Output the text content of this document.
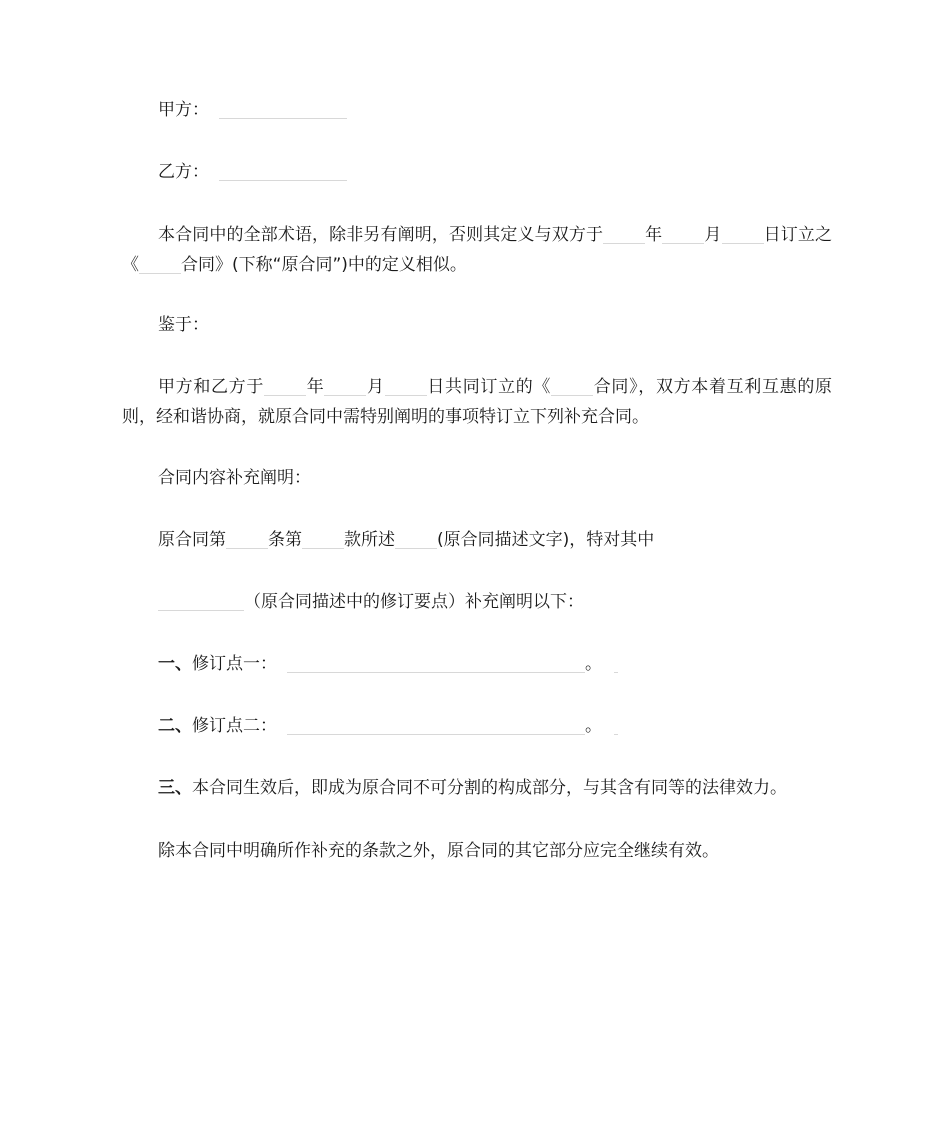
甲方：
乙方：
本合同中的全部术语，除非另有阐明，否则其定义与双方于 年 月 日订立之《 合同》(下称“原合同”)中的定义相似。
鉴于：
甲方和乙方于 年 月 日共同订立的《 合同》，双方本着互利互惠的原则，经和谐协商，就原合同中需特别阐明的事项特订立下列补充合同。
合同内容补充阐明：
原合同第 条第 款所述 (原合同描述文字)，特对其中
（原合同描述中的修订要点）补充阐明以下：
一、修订点一：	。
二、修订点二：	。
三、本合同生效后，即成为原合同不可分割的构成部分，与其含有同等的法律效力。
除本合同中明确所作补充的条款之外，原合同的其它部分应完全继续有效。
